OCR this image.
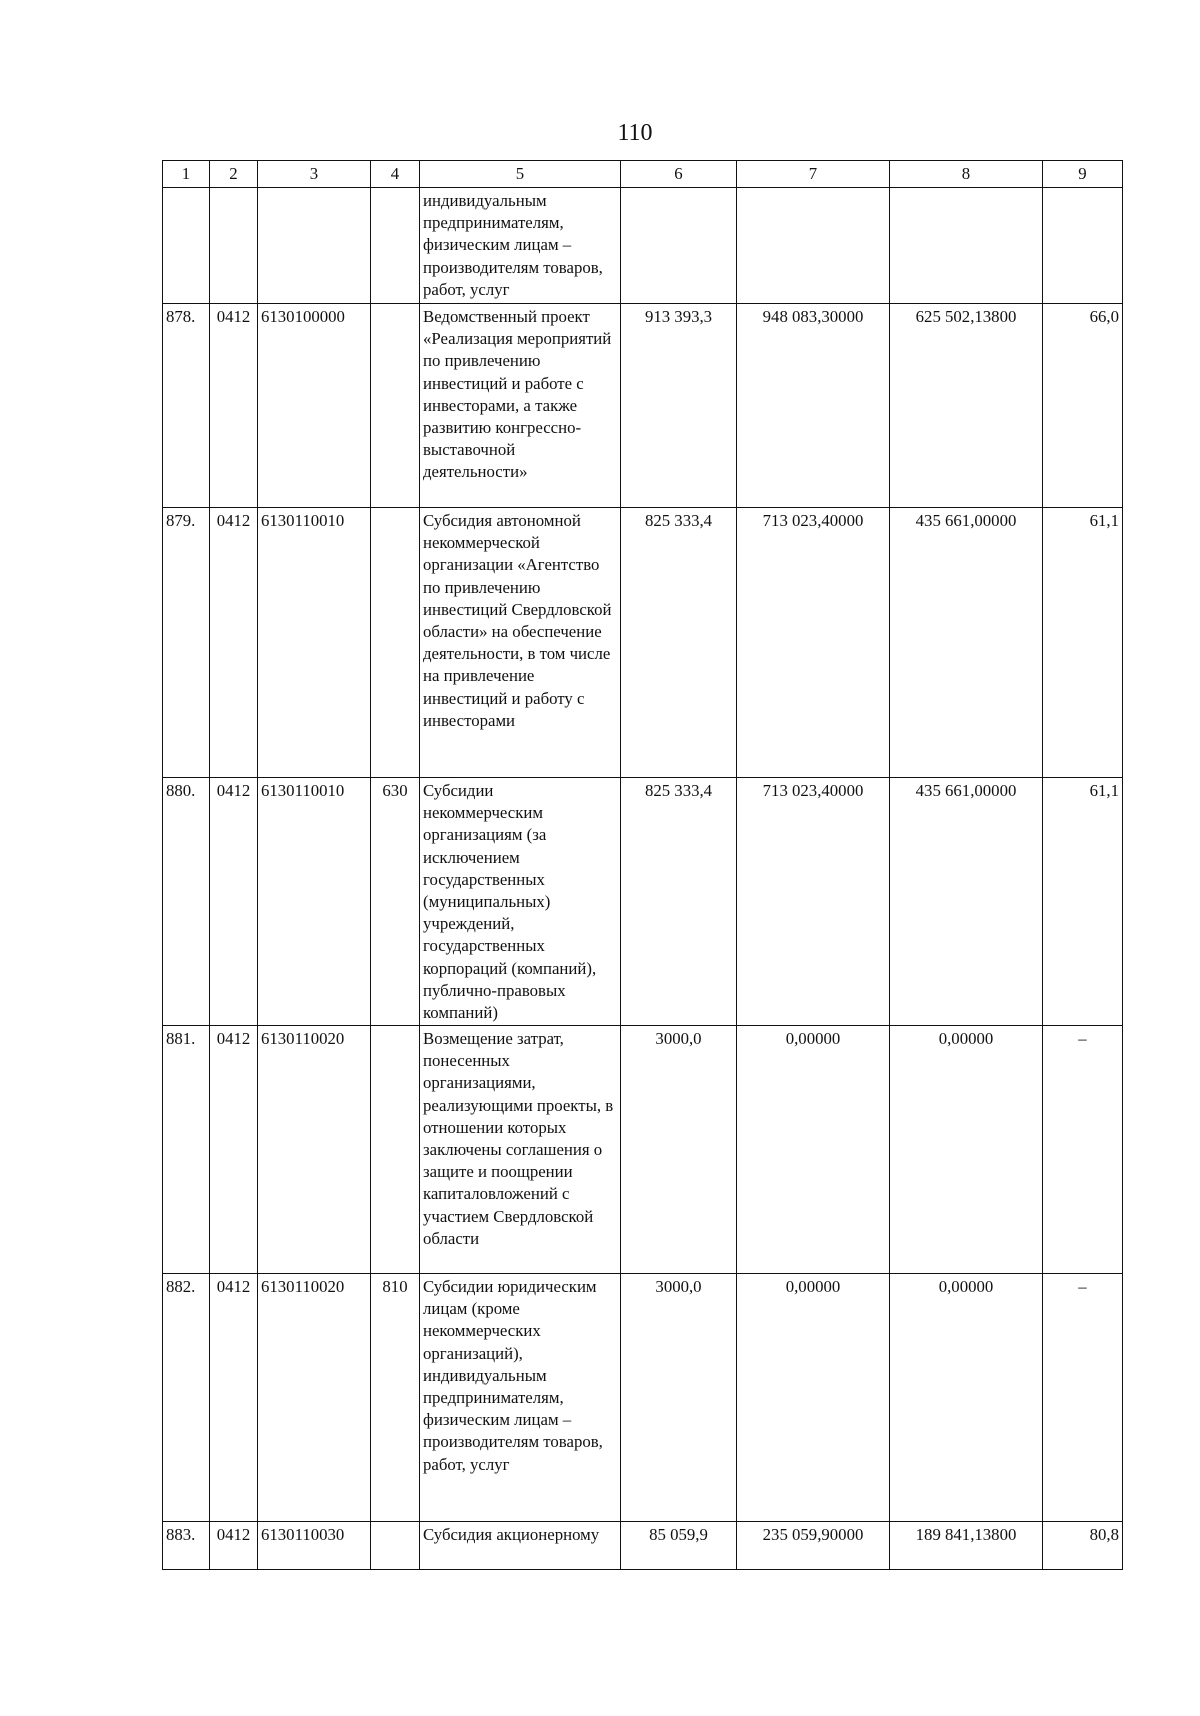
110
1	2	3	4	5	6	7	8	9
				индивидуальным предпринимателям, физическим лицам – производителям товаров, работ, услуг				
878.	0412	6130100000		Ведомственный проект «Реализация мероприятий по привлечению инвестиций и работе с инвесторами, а также развитию конгрессно-выставочной деятельности»	913 393,3	948 083,30000	625 502,13800	66,0
879.	0412	6130110010		Субсидия автономной некоммерческой организации «Агентство по привлечению инвестиций Свердловской области» на обеспечение деятельности, в том числе на привлечение инвестиций и работу с инвесторами	825 333,4	713 023,40000	435 661,00000	61,1
880.	0412	6130110010	630	Субсидии некоммерческим организациям (за исключением государственных (муниципальных) учреждений, государственных корпораций (компаний), публично-правовых компаний)	825 333,4	713 023,40000	435 661,00000	61,1
881.	0412	6130110020		Возмещение затрат, понесенных организациями, реализующими проекты, в отношении которых заключены соглашения о защите и поощрении капиталовложений с участием Свердловской области	3000,0	0,00000	0,00000	–
882.	0412	6130110020	810	Субсидии юридическим лицам (кроме некоммерческих организаций), индивидуальным предпринимателям, физическим лицам – производителям товаров, работ, услуг	3000,0	0,00000	0,00000	–
883.	0412	6130110030		Субсидия акционерному	85 059,9	235 059,90000	189 841,13800	80,8
